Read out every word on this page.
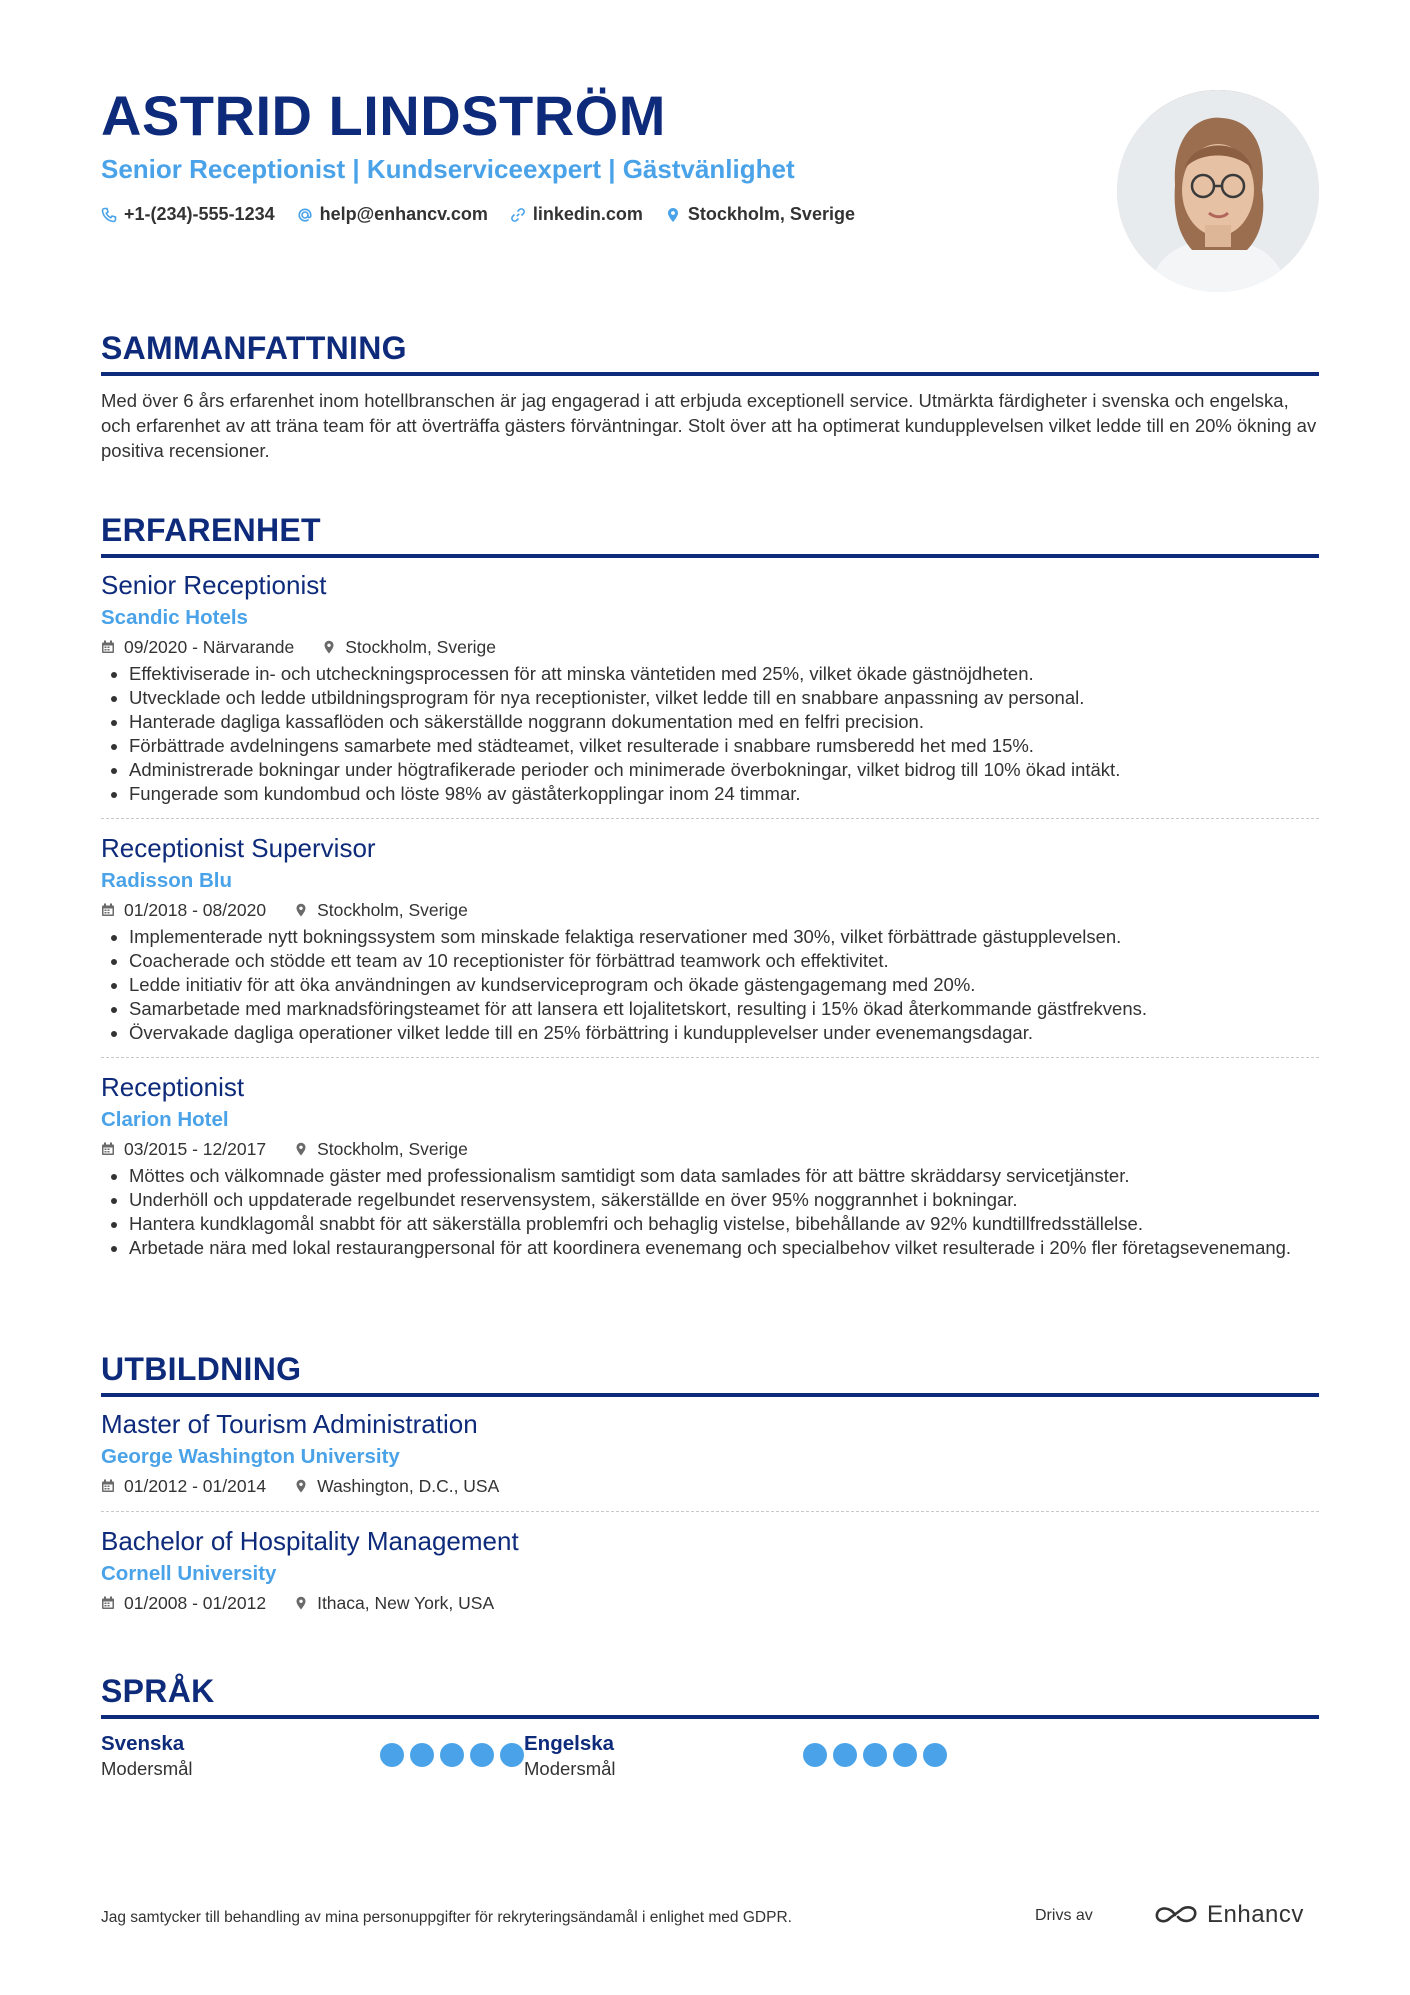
ASTRID LINDSTRÖM
Senior Receptionist | Kundserviceexpert | Gästvänlighet
+1-(234)-555-1234	help@enhancv.com	linkedin.com	Stockholm, Sverige
SAMMANFATTNING
Med över 6 års erfarenhet inom hotellbranschen är jag engagerad i att erbjuda exceptionell service. Utmärkta färdigheter i svenska och engelska, och erfarenhet av att träna team för att överträffa gästers förväntningar. Stolt över att ha optimerat kundupplevelsen vilket ledde till en 20% ökning av positiva recensioner.
ERFARENHET
Senior Receptionist
Scandic Hotels
09/2020 - Närvarande	Stockholm, Sverige
• Effektiviserade in- och utcheckningsprocessen för att minska väntetiden med 25%, vilket ökade gästnöjdheten.
• Utvecklade och ledde utbildningsprogram för nya receptionister, vilket ledde till en snabbare anpassning av personal.
• Hanterade dagliga kassaflöden och säkerställde noggrann dokumentation med en felfri precision.
• Förbättrade avdelningens samarbete med städteamet, vilket resulterade i snabbare rumsberedd het med 15%.
• Administrerade bokningar under högtrafikerade perioder och minimerade överbokningar, vilket bidrog till 10% ökad intäkt.
• Fungerade som kundombud och löste 98% av gäståterkopplingar inom 24 timmar.
Receptionist Supervisor
Radisson Blu
01/2018 - 08/2020	Stockholm, Sverige
• Implementerade nytt bokningssystem som minskade felaktiga reservationer med 30%, vilket förbättrade gästupplevelsen.
• Coacherade och stödde ett team av 10 receptionister för förbättrad teamwork och effektivitet.
• Ledde initiativ för att öka användningen av kundserviceprogram och ökade gästengagemang med 20%.
• Samarbetade med marknadsföringsteamet för att lansera ett lojalitetskort, resulting i 15% ökad återkommande gästfrekvens.
• Övervakade dagliga operationer vilket ledde till en 25% förbättring i kundupplevelser under evenemangsdagar.
Receptionist
Clarion Hotel
03/2015 - 12/2017	Stockholm, Sverige
• Möttes och välkomnade gäster med professionalism samtidigt som data samlades för att bättre skräddarsy servicetjänster.
• Underhöll och uppdaterade regelbundet reservensystem, säkerställde en över 95% noggrannhet i bokningar.
• Hantera kundklagomål snabbt för att säkerställa problemfri och behaglig vistelse, bibehållande av 92% kundtillfredsställelse.
• Arbetade nära med lokal restaurangpersonal för att koordinera evenemang och specialbehov vilket resulterade i 20% fler företagsevenemang.
UTBILDNING
Master of Tourism Administration
George Washington University
01/2012 - 01/2014	Washington, D.C., USA
Bachelor of Hospitality Management
Cornell University
01/2008 - 01/2012	Ithaca, New York, USA
SPRÅK
Svenska
Modersmål
Engelska
Modersmål
Jag samtycker till behandling av mina personuppgifter för rekryteringsändamål i enlighet med GDPR.	Drivs av	Enhancv
